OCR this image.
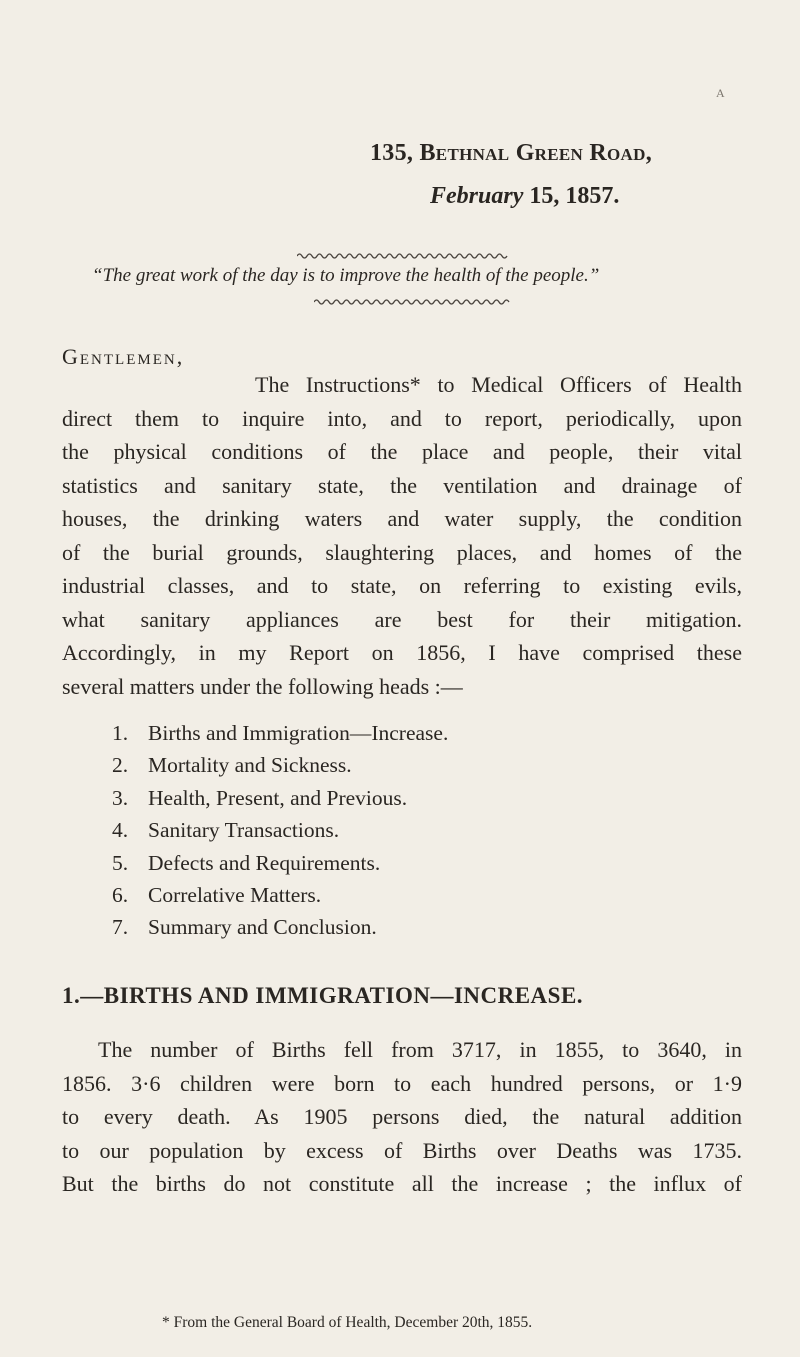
A
135, Bethnal Green Road,
February 15, 1857.
“The great work of the day is to improve the health of the people.”
Gentlemen,
The Instructions* to Medical Officers of Health
direct them to inquire into, and to report, periodically, upon
the physical conditions of the place and people, their vital
statistics and sanitary state, the ventilation and drainage of
houses, the drinking waters and water supply, the condition
of the burial grounds, slaughtering places, and homes of the
industrial classes, and to state, on referring to existing evils,
what sanitary appliances are best for their mitigation.
Accordingly, in my Report on 1856, I have comprised these
several matters under the following heads :—
1. Births and Immigration—Increase.
2. Mortality and Sickness.
3. Health, Present, and Previous.
4. Sanitary Transactions.
5. Defects and Requirements.
6. Correlative Matters.
7. Summary and Conclusion.
1.—BIRTHS AND IMMIGRATION—INCREASE.
The number of Births fell from 3717, in 1855, to 3640, in
1856. 3·6 children were born to each hundred persons, or 1·9
to every death. As 1905 persons died, the natural addition
to our population by excess of Births over Deaths was 1735.
But the births do not constitute all the increase ; the influx of
* From the General Board of Health, December 20th, 1855.
